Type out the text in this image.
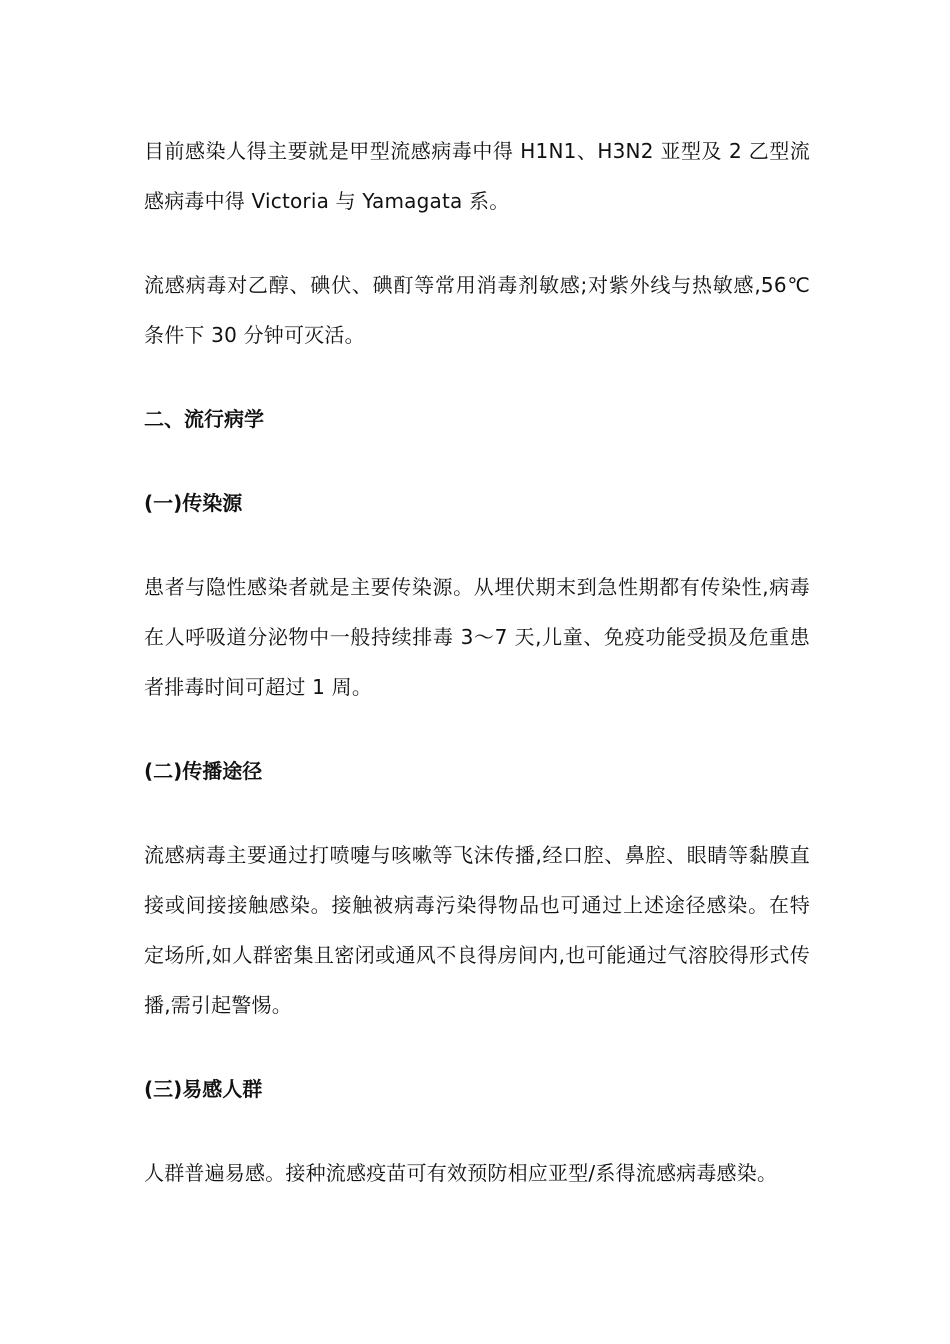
目前感染人得主要就是甲型流感病毒中得 H1N1、H3N2 亚型及 2 乙型流感病毒中得 Victoria 与 Yamagata 系。

流感病毒对乙醇、碘伏、碘酊等常用消毒剂敏感;对紫外线与热敏感,56℃条件下 30 分钟可灭活。

二、流行病学
(一)传染源

患者与隐性感染者就是主要传染源。从埋伏期末到急性期都有传染性,病毒在人呼吸道分泌物中一般持续排毒 3～7 天,儿童、免疫功能受损及危重患者排毒时间可超过 1 周。

(二)传播途径

流感病毒主要通过打喷嚏与咳嗽等飞沫传播,经口腔、鼻腔、眼睛等黏膜直接或间接接触感染。接触被病毒污染得物品也可通过上述途径感染。在特定场所,如人群密集且密闭或通风不良得房间内,也可能通过气溶胶得形式传播,需引起警惕。

(三)易感人群

人群普遍易感。接种流感疫苗可有效预防相应亚型/系得流感病毒感染。
